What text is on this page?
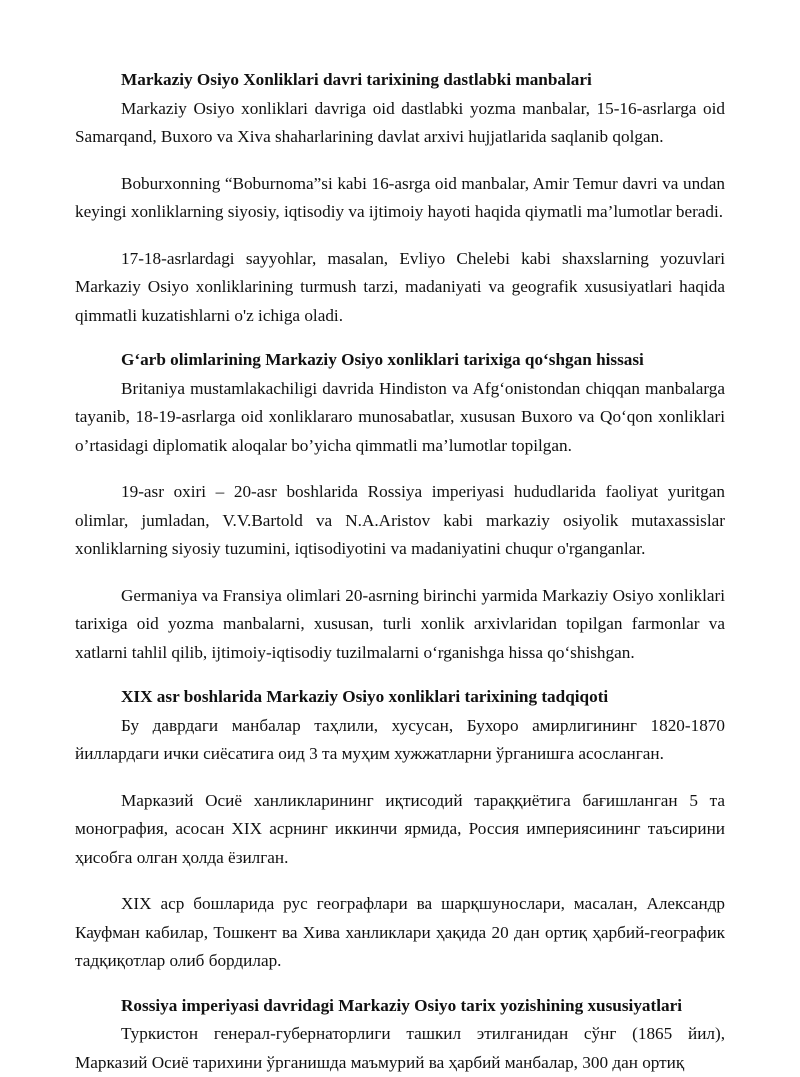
Markaziy Osiyo Xonliklari davri tarixining dastlabki manbalari

Markaziy Osiyo xonliklari davriga oid dastlabki yozma manbalar, 15-16-asrlarga oid Samarqand, Buxoro va Xiva shaharlarining davlat arxivi hujjatlarida saqlanib qolgan.

Boburxonning “Boburnoma”si kabi 16-asrga oid manbalar, Amir Temur davri va undan keyingi xonliklarning siyosiy, iqtisodiy va ijtimoiy hayoti haqida qiymatli ma’lumotlar beradi.

17-18-asrlardagi sayyohlar, masalan, Evliyo Chelebi kabi shaxslarning yozuvlari Markaziy Osiyo xonliklarining turmush tarzi, madaniyati va geografik xususiyatlari haqida qimmatli kuzatishlarni o'z ichiga oladi.

G‘arb olimlarining Markaziy Osiyo xonliklari tarixiga qo‘shgan hissasi

Britaniya mustamlakachiligi davrida Hindiston va Afg‘onistondan chiqqan manbalarga tayanib, 18-19-asrlarga oid xonliklararo munosabatlar, xususan Buxoro va Qo‘qon xonliklari o’rtasidagi diplomatik aloqalar bo’yicha qimmatli ma’lumotlar topilgan.

19-asr oxiri – 20-asr boshlarida Rossiya imperiyasi hududlarida faoliyat yuritgan olimlar, jumladan, V.V.Bartold va N.A.Aristov kabi markaziy osiyolik mutaxassislar xonliklarning siyosiy tuzumini, iqtisodiyotini va madaniyatini chuqur o'rganganlar.

Germaniya va Fransiya olimlari 20-asrning birinchi yarmida Markaziy Osiyo xonliklari tarixiga oid yozma manbalarni, xususan, turli xonlik arxivlaridan topilgan farmonlar va xatlarni tahlil qilib, ijtimoiy-iqtisodiy tuzilmalarni o‘rganishga hissa qo‘shishgan.

XIX asr boshlarida Markaziy Osiyo xonliklari tarixining tadqiqoti

Бу даврдаги манбалар таҳлили, хусусан, Бухоро амирлигининг 1820-1870 йиллардаги ички сиёсатига оид 3 та муҳим хужжатларни ўрганишга асосланган.

Марказий Осиё ханликларининг иқтисодий тараққиётига бағишланган 5 та монография, асосан XIX асрнинг иккинчи ярмида, Россия империясининг таъсирини ҳисобга олган ҳолда ёзилган.

XIX аср бошларида рус географлари ва шарқшунослари, масалан, Александр Кауфман кабилар, Тошкент ва Хива ханликлари ҳақида 20 дан ортиқ ҳарбий-географик тадқиқотлар олиб бордилар.

Rossiya imperiyasi davridagi Markaziy Osiyo tarix yozishining xususiyatlari

Туркистон генерал-губернаторлиги ташкил этилганидан сўнг (1865 йил), Марказий Осиё тарихини ўрганишда маъмурий ва ҳарбий манбалар, 300 дан ортиқ
